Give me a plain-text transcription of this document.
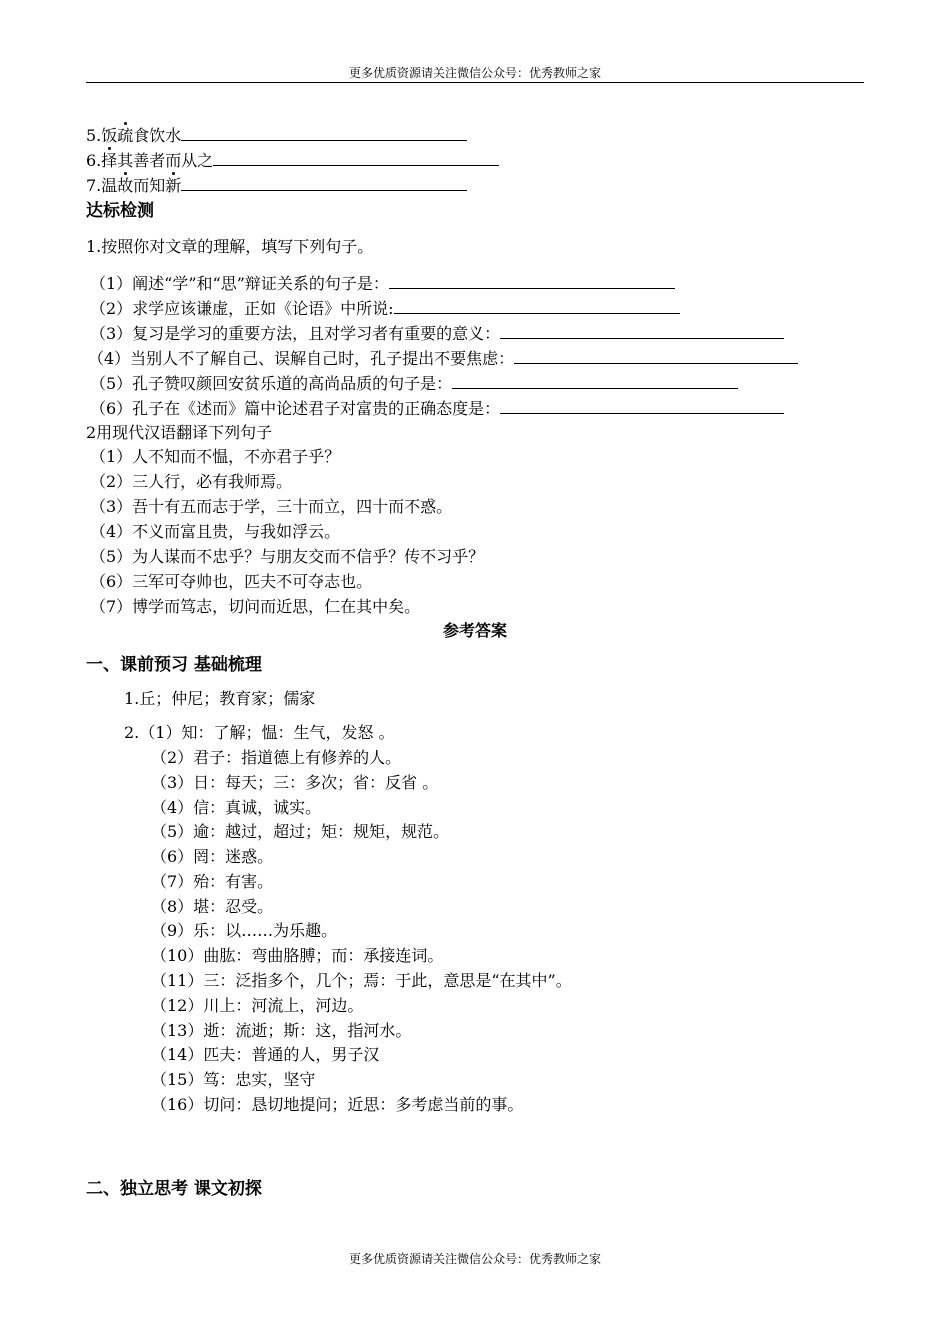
更多优质资源请关注微信公众号：优秀教师之家
5.饭疏食饮水
6.择其善者而从之
7.温故而知新
达标检测
1.按照你对文章的理解，填写下列句子。
（1）阐述“学”和“思”辩证关系的句子是：
（2）求学应该谦虚，正如《论语》中所说:
（3）复习是学习的重要方法，且对学习者有重要的意义：
（4）当别人不了解自己、误解自己时，孔子提出不要焦虑：
（5）孔子赞叹颜回安贫乐道的高尚品质的句子是：
（6）孔子在《述而》篇中论述君子对富贵的正确态度是：
2用现代汉语翻译下列句子
（1）人不知而不愠，不亦君子乎？
（2）三人行，必有我师焉。
（3）吾十有五而志于学，三十而立，四十而不惑。
（4）不义而富且贵，与我如浮云。
（5）为人谋而不忠乎？与朋友交而不信乎？传不习乎？
（6）三军可夺帅也，匹夫不可夺志也。
（7）博学而笃志，切问而近思，仁在其中矣。
参考答案
一、课前预习 基础梳理
1.丘；仲尼；教育家；儒家
2.（1）知：了解；愠：生气，发怒 。
（2）君子：指道德上有修养的人。
（3）日：每天；三：多次；省：反省 。
（4）信：真诚，诚实。
（5）逾：越过，超过；矩：规矩，规范。
（6）罔：迷惑。
（7）殆：有害。
（8）堪：忍受。
（9）乐：以……为乐趣。
（10）曲肱：弯曲胳膊；而：承接连词。
（11）三：泛指多个，几个；焉：于此，意思是“在其中”。
（12）川上：河流上，河边。
（13）逝：流逝；斯：这，指河水。
（14）匹夫：普通的人，男子汉
（15）笃：忠实，坚守
（16）切问：恳切地提问；近思：多考虑当前的事。
二、独立思考 课文初探
更多优质资源请关注微信公众号：优秀教师之家
